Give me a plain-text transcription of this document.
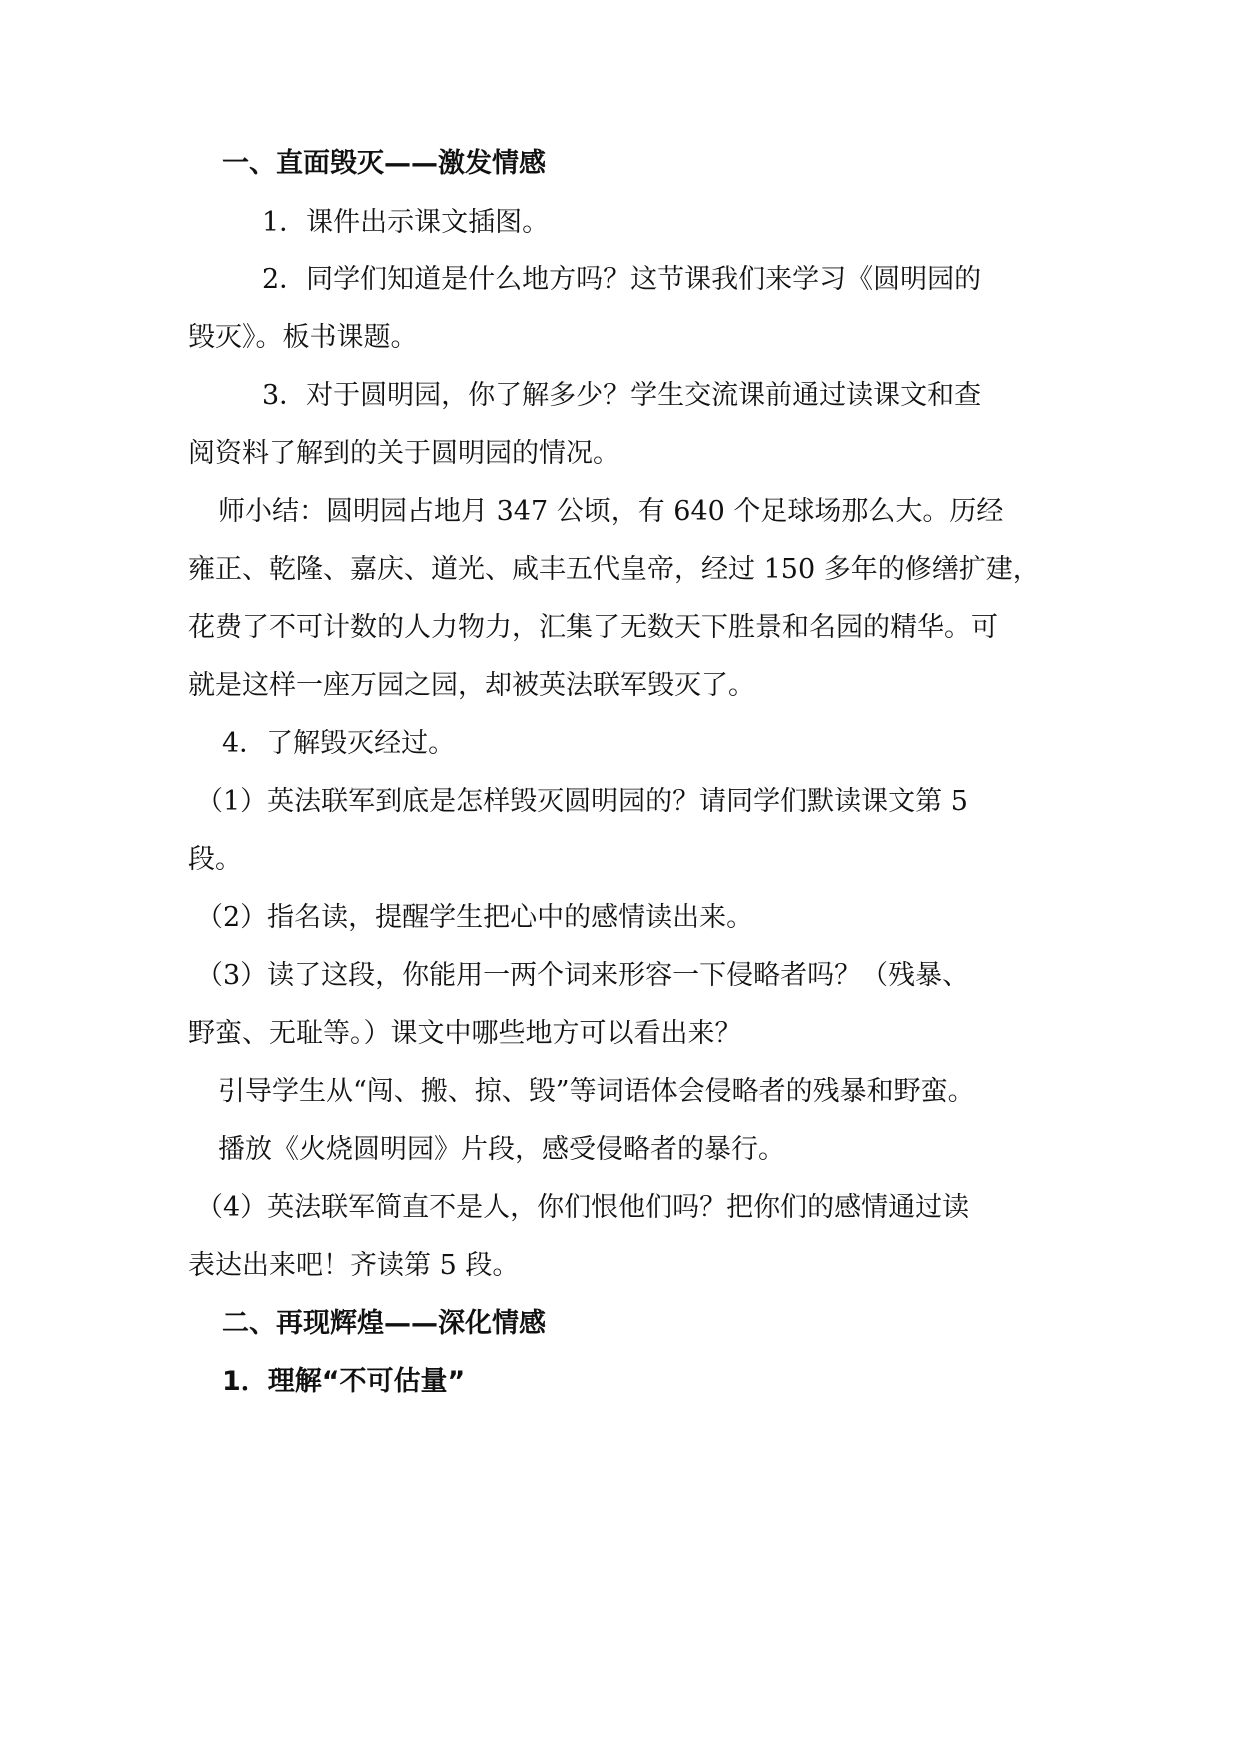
一、直面毁灭——激发情感
1．课件出示课文插图。
2．同学们知道是什么地方吗？这节课我们来学习《圆明园的
毁灭》。板书课题。
3．对于圆明园，你了解多少？学生交流课前通过读课文和查
阅资料了解到的关于圆明园的情况。
师小结：圆明园占地月 347 公顷，有 640 个足球场那么大。历经
雍正、乾隆、嘉庆、道光、咸丰五代皇帝，经过 150 多年的修缮扩建，
花费了不可计数的人力物力，汇集了无数天下胜景和名园的精华。可
就是这样一座万园之园，却被英法联军毁灭了。
4．了解毁灭经过。
（1）英法联军到底是怎样毁灭圆明园的？请同学们默读课文第 5
段。
（2）指名读，提醒学生把心中的感情读出来。
（3）读了这段，你能用一两个词来形容一下侵略者吗？（残暴、
野蛮、无耻等。）课文中哪些地方可以看出来？
引导学生从“闯、搬、掠、毁”等词语体会侵略者的残暴和野蛮。
播放《火烧圆明园》片段，感受侵略者的暴行。
（4）英法联军简直不是人，你们恨他们吗？把你们的感情通过读
表达出来吧！齐读第 5 段。
二、再现辉煌——深化情感
1．理解“不可估量”
